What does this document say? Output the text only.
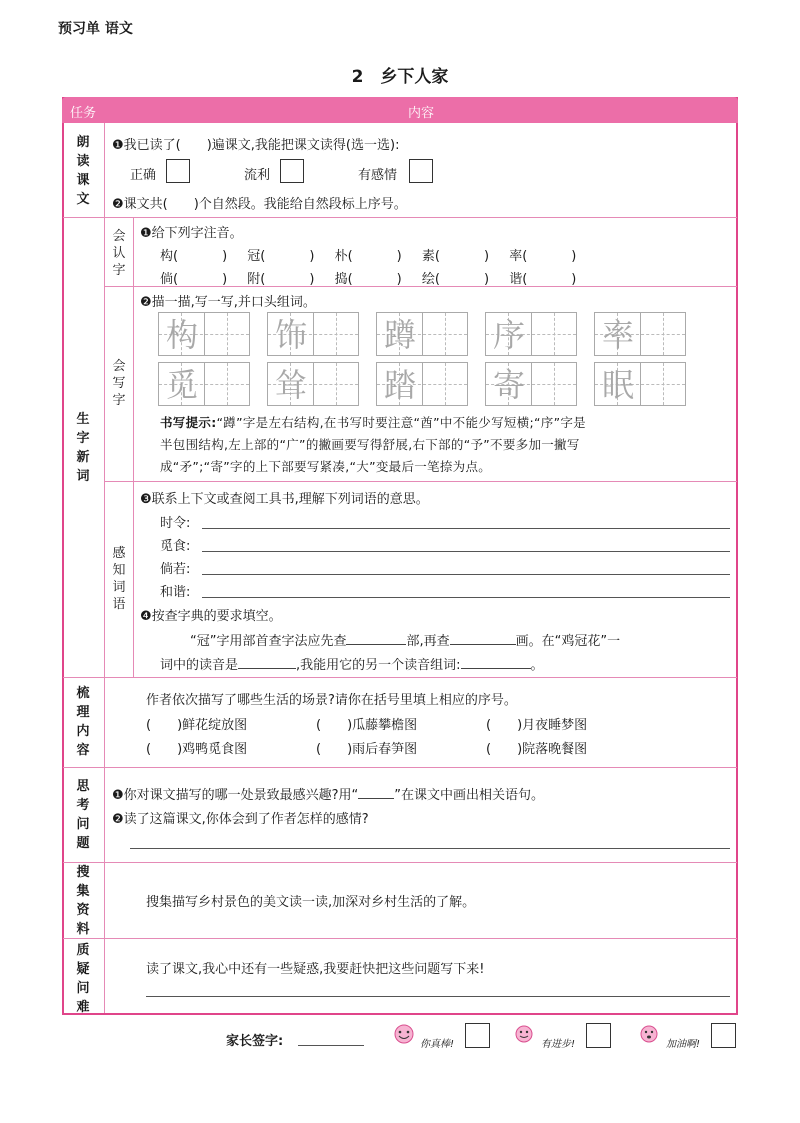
预习单 语文
2　乡下人家
任务	内容
朗
读
课
文
❶我已读了(　　)遍课文,我能把课文读得(选一选):
正确	流利	有感情
❷课文共(　　)个自然段。我能给自然段标上序号。
生
字
新
词
会
认
字
❶给下列字注音。
构(	) 冠(	) 朴(	) 素(	) 率(	)
倘(	) 附(	) 捣(	) 绘(	) 谐(	)
会
写
字
❷描一描,写一写,并口头组词。
构 饰 蹲 序 率
觅 耸 踏 寄 眠
书写提示:“蹲”字是左右结构,在书写时要注意“酋”中不能少写短横;“序”字是
半包围结构,左上部的“广”的撇画要写得舒展,右下部的“予”不要多加一撇写
成“矛”;“寄”字的上下部要写紧凑,“大”变最后一笔捺为点。
感
知
词
语
❸联系上下文或查阅工具书,理解下列词语的意思。
时令:
觅食:
倘若:
和谐:
❹按查字典的要求填空。
“冠”字用部首查字法应先查	部,再查	画。在“鸡冠花”一
词中的读音是	,我能用它的另一个读音组词:	。
梳
理
内
容
作者依次描写了哪些生活的场景?请你在括号里填上相应的序号。
(　　)鲜花绽放图	(　　)瓜藤攀檐图	(　　)月夜睡梦图
(　　)鸡鸭觅食图	(　　)雨后春笋图	(　　)院落晚餐图
思
考
问
题
❶你对课文描写的哪一处景致最感兴趣?用“	”在课文中画出相关语句。
❷读了这篇课文,你体会到了作者怎样的感情?
搜
集
资
料
搜集描写乡村景色的美文读一读,加深对乡村生活的了解。
质
疑
问
难
读了课文,我心中还有一些疑惑,我要赶快把这些问题写下来!
家长签字:	你真棒!	有进步!	加油啊!
